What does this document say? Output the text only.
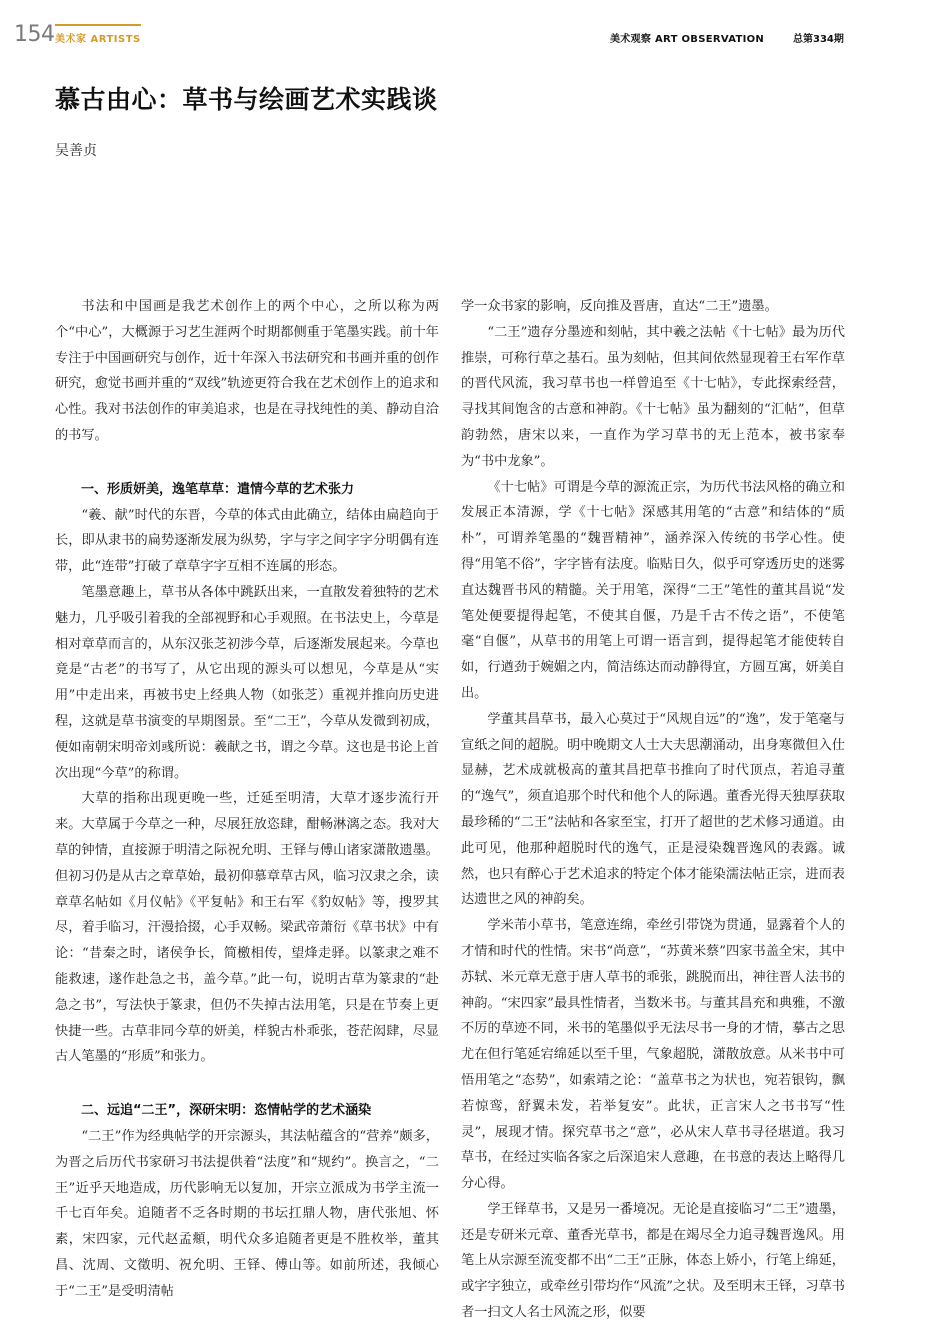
154 美术家 ARTISTS	美术观察 ART OBSERVATION	总第334期
慕古由心：草书与绘画艺术实践谈
吴善贞

书法和中国画是我艺术创作上的两个中心，之所以称为两个“中心”，大概源于习艺生涯两个时期都侧重于笔墨实践。前十年专注于中国画研究与创作，近十年深入书法研究和书画并重的创作研究，愈觉书画并重的“双线”轨迹更符合我在艺术创作上的追求和心性。我对书法创作的审美追求，也是在寻找纯性的美、静动自洽的书写。

一、形质妍美，逸笔草草：遣情今草的艺术张力

“羲、献”时代的东晋，今草的体式由此确立，结体由扁趋向于长，即从隶书的扁势逐渐发展为纵势，字与字之间字字分明偶有连带，此“连带”打破了章草字字互相不连属的形态。

笔墨意趣上，草书从各体中跳跃出来，一直散发着独特的艺术魅力，几乎吸引着我的全部视野和心手观照。在书法史上，今草是相对章草而言的，从东汉张芝初涉今草，后逐渐发展起来。今草也竟是“古老”的书写了，从它出现的源头可以想见，今草是从“实用”中走出来，再被书史上经典人物（如张芝）重视并推向历史进程，这就是草书演变的早期图景。至“二王”，今草从发微到初成，便如南朝宋明帝刘彧所说：羲献之书，谓之今草。这也是书论上首次出现“今草”的称谓。

大草的指称出现更晚一些，迁延至明清，大草才逐步流行开来。大草属于今草之一种，尽展狂放恣肆，酣畅淋漓之态。我对大草的钟情，直接源于明清之际祝允明、王铎与傅山诸家潇散遗墨。但初习仍是从古之章草始，最初仰慕章草古风，临习汉隶之余，读章草名帖如《月仪帖》《平复帖》和王右军《豹奴帖》等，搜罗其尽，着手临习，汗漫拾掇，心手双畅。梁武帝萧衍《草书状》中有论：“昔秦之时，诸侯争长，简檄相传，望烽走驿。以篆隶之难不能救速，遂作赴急之书，盖今草。”此一句，说明古草为篆隶的“赴急之书”，写法快于篆隶，但仍不失掉古法用笔，只是在节奏上更快捷一些。古草非同今草的妍美，样貌古朴乖张，苍茫闳肆，尽显古人笔墨的“形质”和张力。

二、远追“二王”，深研宋明：恣情帖学的艺术涵染

“二王”作为经典帖学的开宗源头，其法帖蕴含的“营养”颇多，为晋之后历代书家研习书法提供着“法度”和“规约”。换言之，“二王”近乎天地造成，历代影响无以复加，开宗立派成为书学主流一千七百年矣。追随者不乏各时期的书坛扛鼎人物，唐代张旭、怀素，宋四家，元代赵孟頫，明代众多追随者更是不胜枚举，董其昌、沈周、文徵明、祝允明、王铎、傅山等。如前所述，我倾心于“二王”是受明清帖

学一众书家的影响，反向推及晋唐，直达“二王”遗墨。

“二王”遗存分墨迹和刻帖，其中羲之法帖《十七帖》最为历代推崇，可称行草之基石。虽为刻帖，但其间依然显现着王右军作草的晋代风流，我习草书也一样曾追至《十七帖》，专此探索经营，寻找其间饱含的古意和神韵。《十七帖》虽为翻刻的“汇帖”，但草韵勃然，唐宋以来，一直作为学习草书的无上范本，被书家奉为“书中龙象”。

《十七帖》可谓是今草的源流正宗，为历代书法风格的确立和发展正本清源，学《十七帖》深感其用笔的“古意”和结体的“质朴”，可谓养笔墨的“魏晋精神”，涵养深入传统的书学心性。使得“用笔不俗”，字字皆有法度。临贴日久，似乎可穿透历史的迷雾直达魏晋书风的精髓。关于用笔，深得“二王”笔性的董其昌说“发笔处便要提得起笔，不使其自偃，乃是千古不传之语”，不使笔毫“自偃”，从草书的用笔上可谓一语言到，提得起笔才能使转自如，行遒劲于婉媚之内，简洁练达而动静得宜，方圆互寓，妍美自出。

学董其昌草书，最入心莫过于“风规自远”的“逸”，发于笔毫与宣纸之间的超脱。明中晚期文人士大夫思潮涌动，出身寒微但入仕显赫，艺术成就极高的董其昌把草书推向了时代顶点，若追寻董的“逸气”，须直追那个时代和他个人的际遇。董香光得天独厚获取最珍稀的“二王”法帖和各家至宝，打开了超世的艺术修习通道。由此可见，他那种超脱时代的逸气，正是浸染魏晋逸风的表露。诚然，也只有醉心于艺术追求的特定个体才能染濡法帖正宗，进而表达遗世之风的神韵矣。

学米芾小草书，笔意连绵，牵丝引带饶为贯通，显露着个人的才情和时代的性情。宋书“尚意”，“苏黄米蔡”四家书盖全宋，其中苏轼、米元章无意于唐人草书的乖张，跳脱而出，神往晋人法书的神韵。“宋四家”最具性情者，当数米书。与董其昌充和典雅，不激不厉的草迹不同，米书的笔墨似乎无法尽书一身的才情，摹古之思尤在但行笔延宕绵延以至千里，气象超脱，潇散放意。从米书中可悟用笔之“态势”，如索靖之论：“盖草书之为状也，宛若银钩，飘若惊鸾，舒翼未发，若举复安”。此状，正言宋人之书书写“性灵”，展现才情。探究草书之“意”，必从宋人草书寻径堪道。我习草书，在经过实临各家之后深追宋人意趣，在书意的表达上略得几分心得。

学王铎草书，又是另一番境况。无论是直接临习“二王”遗墨，还是专研米元章、董香光草书，都是在竭尽全力追寻魏晋逸风。用笔上从宗源至流变都不出“二王”正脉，体态上娇小，行笔上绵延，或字字独立，或牵丝引带均作“风流”之状。及至明末王铎，习草书者一扫文人名士风流之形，似要
